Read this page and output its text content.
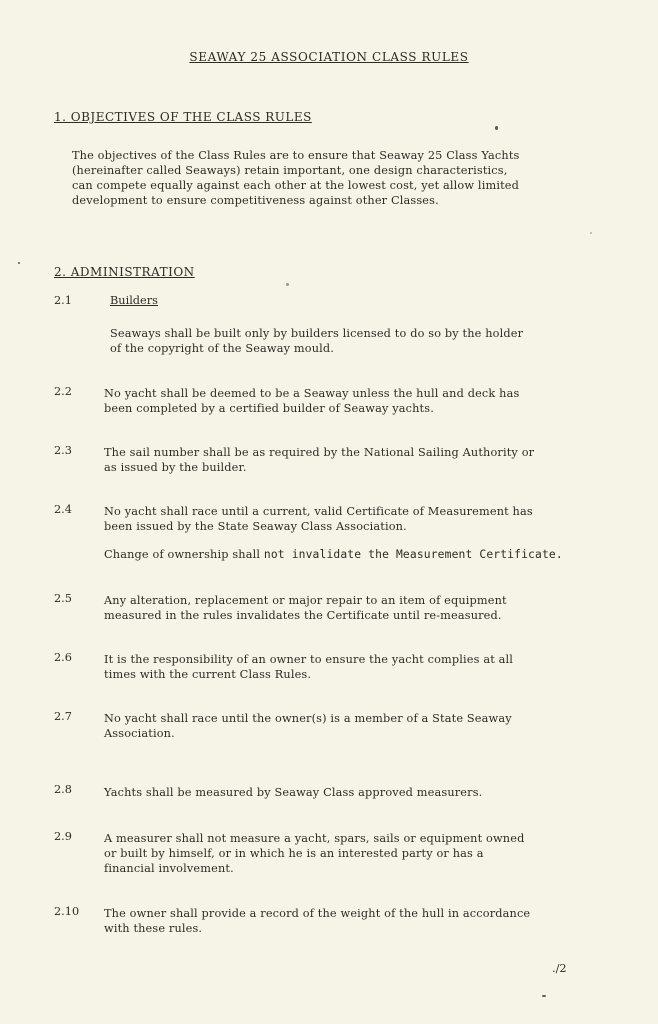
SEAWAY 25 ASSOCIATION CLASS RULES
1. OBJECTIVES OF THE CLASS RULES

The objectives of the Class Rules are to ensure that Seaway 25 Class Yachts

(hereinafter called Seaways) retain important, one design characteristics,

can compete equally against each other at the lowest cost, yet allow limited

development to ensure competitiveness against other Classes.

2. ADMINISTRATION
2.1	Builders

Seaways shall be built only by builders licensed to do so by the holder

of the copyright of the Seaway mould.

2.2	No yacht shall be deemed to be a Seaway unless the hull and deck has

been completed by a certified builder of Seaway yachts.

2.3	The sail number shall be as required by the National Sailing Authority or

as issued by the builder.

2.4	No yacht shall race until a current, valid Certificate of Measurement has

been issued by the State Seaway Class Association.

Change of ownership shall not invalidate the Measurement Certificate.
2.5	Any alteration, replacement or major repair to an item of equipment

measured in the rules invalidates the Certificate until re-measured.

2.6	It is the responsibility of an owner to ensure the yacht complies at all

times with the current Class Rules.

2.7	No yacht shall race until the owner(s) is a member of a State Seaway

Association.

2.8	Yachts shall be measured by Seaway Class approved measurers.

2.9	A measurer shall not measure a yacht, spars, sails or equipment owned

or built by himself, or in which he is an interested party or has a

financial involvement.

2.10 The owner shall provide a record of the weight of the hull in accordance

with these rules.

./2
